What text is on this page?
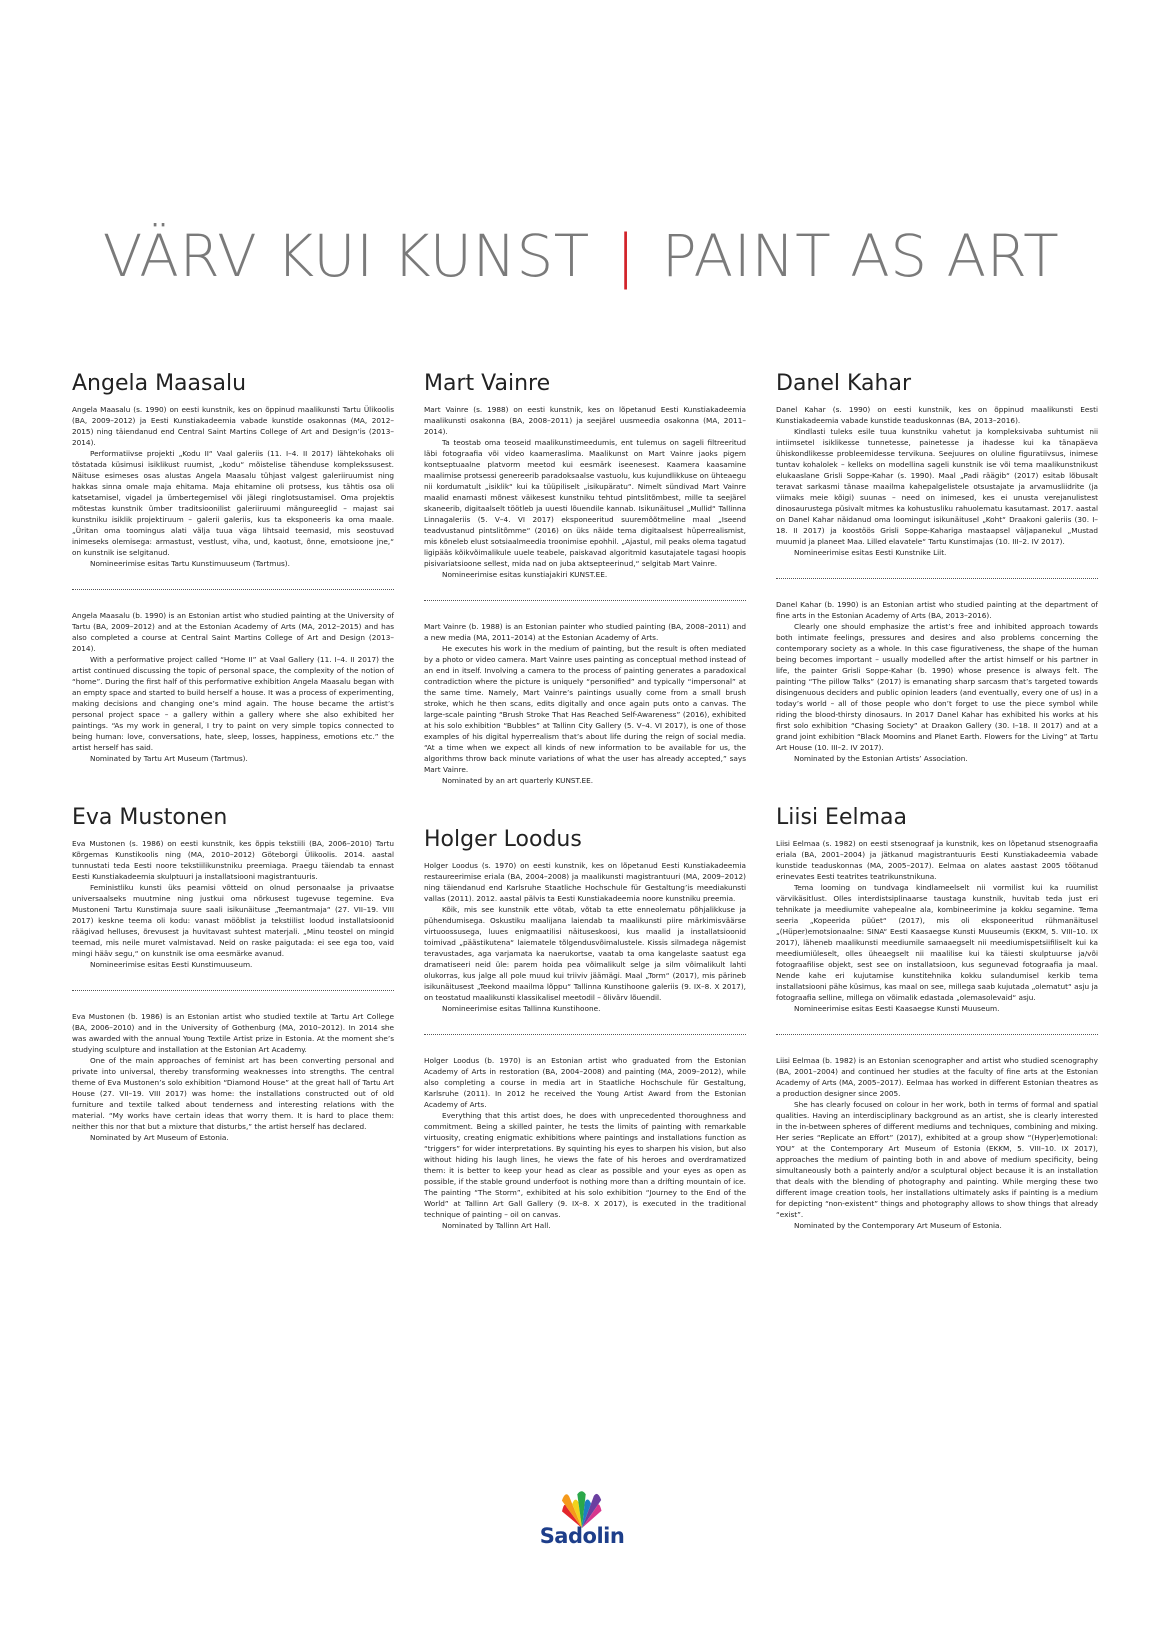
VÄRV KUI KUNST | PAINT AS ART
Angela Maasalu

Angela Maasalu (s. 1990) on eesti kunstnik, kes on õppinud maalikunsti Tartu Ülikoolis (BA, 2009–2012) ja Eesti Kunstiakadeemia vabade kunstide osakonnas (MA, 2012–2015) ning täiendanud end Central Saint Martins College of Art and Design’is (2013–2014).

Performatiivse projekti „Kodu II“ Vaal galeriis (11. I–4. II 2017) lähtekohaks oli tõstatada küsimusi isiklikust ruumist, „kodu“ mõistelise tähenduse komplekssusest. Näituse esimeses osas alustas Angela Maasalu tühjast valgest galeriiruumist ning hakkas sinna omale maja ehitama. Maja ehitamine oli protsess, kus tähtis osa oli katsetamisel, vigadel ja ümbertegemisel või jälegi ringlotsustamisel. Oma projektis mõtestas kunstnik ümber traditsioonilist galeriiruumi mängureeglid – majast sai kunstniku isiklik projektiruum – galerii galeriis, kus ta eksponeeris ka oma maale. „Üritan oma toomingus alati välja tuua väga lihtsaid teemasid, mis seostuvad inimeseks olemisega: armastust, vestlust, viha, und, kaotust, õnne, emotsioone jne,“ on kunstnik ise selgitanud.

Nomineerimise esitas Tartu Kunstimuuseum (Tartmus).

Angela Maasalu (b. 1990) is an Estonian artist who studied painting at the University of Tartu (BA, 2009–2012) and at the Estonian Academy of Arts (MA, 2012–2015) and has also completed a course at Central Saint Martins College of Art and Design (2013–2014).

With a performative project called “Home II” at Vaal Gallery (11. I–4. II 2017) the artist continued discussing the topic of personal space, the complexity of the notion of “home”. During the first half of this performative exhibition Angela Maasalu began with an empty space and started to build herself a house. It was a process of experimenting, making decisions and changing one’s mind again. The house became the artist’s personal project space – a gallery within a gallery where she also exhibited her paintings. “As my work in general, I try to paint on very simple topics connected to being human: love, conversations, hate, sleep, losses, happiness, emotions etc.” the artist herself has said.

Nominated by Tartu Art Museum (Tartmus).

Eva Mustonen

Eva Mustonen (s. 1986) on eesti kunstnik, kes õppis tekstiili (BA, 2006–2010) Tartu Kõrgemas Kunstikoolis ning (MA, 2010–2012) Göteborgi Ülikoolis. 2014. aastal tunnustati teda Eesti noore tekstiilikunstniku preemiaga. Praegu täiendab ta ennast Eesti Kunstiakadeemia skulptuuri ja installatsiooni magistrantuuris.

Feministliku kunsti üks peamisi võtteid on olnud personaalse ja privaatse universaalseks muutmine ning justkui oma nõrkusest tugevuse tegemine. Eva Mustoneni Tartu Kunstimaja suure saali isikunäituse „Teemantmaja“ (27. VII–19. VIII 2017) keskne teema oli kodu: vanast mööblist ja tekstiilist loodud installatsioonid räägivad helluses, õrevusest ja huvitavast suhtest materjali. „Minu teostel on mingid teemad, mis neile muret valmistavad. Neid on raske paigutada: ei see ega too, vaid mingi hääv segu,“ on kunstnik ise oma eesmärke avanud.

Nomineerimise esitas Eesti Kunstimuuseum.

Eva Mustonen (b. 1986) is an Estonian artist who studied textile at Tartu Art College (BA, 2006–2010) and in the University of Gothenburg (MA, 2010–2012). In 2014 she was awarded with the annual Young Textile Artist prize in Estonia. At the moment she’s studying sculpture and installation at the Estonian Art Academy.

One of the main approaches of feminist art has been converting personal and private into universal, thereby transforming weaknesses into strengths. The central theme of Eva Mustonen’s solo exhibition “Diamond House” at the great hall of Tartu Art House (27. VII–19. VIII 2017) was home: the installations constructed out of old furniture and textile talked about tenderness and interesting relations with the material. “My works have certain ideas that worry them. It is hard to place them: neither this nor that but a mixture that disturbs,” the artist herself has declared.

Nominated by Art Museum of Estonia.

Mart Vainre

Mart Vainre (s. 1988) on eesti kunstnik, kes on lõpetanud Eesti Kunstiakadeemia maalikunsti osakonna (BA, 2008–2011) ja seejärel uusmeedia osakonna (MA, 2011–2014).

Ta teostab oma teoseid maalikunstimeedumis, ent tulemus on sageli filtreeritud läbi fotograafia või video kaameraslima. Maalikunst on Mart Vainre jaoks pigem kontseptuaalne platvorm meetod kui eesmärk iseenesest. Kaamera kaasamine maalimise protsessi genereerib paradoksaalse vastuolu, kus kujundlikkuse on ühteaegu nii kordumatult „isiklik“ kui ka tüüpiliselt „isikupäratu“. Nimelt sündivad Mart Vainre maalid enamasti mõnest väikesest kunstniku tehtud pintslitõmbest, mille ta seejärel skaneerib, digitaalselt töötleb ja uuesti lõuendile kannab. Isikunäitusel „Mullid“ Tallinna Linnagaleriis (5. V–4. VI 2017) eksponeeritud suuremõõtmeline maal „Iseend teadvustanud pintslitõmme“ (2016) on üks näide tema digitaalsest hüperrealismist, mis kõneleb elust sotsiaalmeedia troonimise epohhil. „Ajastul, mil peaks olema tagatud ligipääs kõikvõimalikule uuele teabele, paiskavad algoritmid kasutajatele tagasi hoopis pisivariatsioone sellest, mida nad on juba aktsepteerinud,“ selgitab Mart Vainre.

Nomineerimise esitas kunstiajakiri KUNST.EE.

Mart Vainre (b. 1988) is an Estonian painter who studied painting (BA, 2008–2011) and a new media (MA, 2011–2014) at the Estonian Academy of Arts.

He executes his work in the medium of painting, but the result is often mediated by a photo or video camera. Mart Vainre uses painting as conceptual method instead of an end in itself. Involving a camera to the process of painting generates a paradoxical contradiction where the picture is uniquely “personified” and typically “impersonal” at the same time. Namely, Mart Vainre’s paintings usually come from a small brush stroke, which he then scans, edits digitally and once again puts onto a canvas. The large-scale painting “Brush Stroke That Has Reached Self-Awareness” (2016), exhibited at his solo exhibition “Bubbles” at Tallinn City Gallery (5. V–4. VI 2017), is one of those examples of his digital hyperrealism that’s about life during the reign of social media. “At a time when we expect all kinds of new information to be available for us, the algorithms throw back minute variations of what the user has already accepted,” says Mart Vainre.

Nominated by an art quarterly KUNST.EE.

Holger Loodus

Holger Loodus (s. 1970) on eesti kunstnik, kes on lõpetanud Eesti Kunstiakadeemia restaureerimise eriala (BA, 2004–2008) ja maalikunsti magistrantuuri (MA, 2009–2012) ning täiendanud end Karlsruhe Staatliche Hochschule für Gestaltung’is meediakunsti vallas (2011). 2012. aastal pälvis ta Eesti Kunstiakadeemia noore kunstniku preemia.

Kõik, mis see kunstnik ette võtab, võtab ta ette enneolematu põhjalikkuse ja pühendumisega. Oskustiku maalijana laiendab ta maalikunsti piire märkimisväärse virtuoossusega, luues enigmaatilisi näituseskoosi, kus maalid ja installatsioonid toimivad „päästikutena“ laiematele tõlgendusvõimalustele. Kissis silmadega nägemist teravustades, aga varjamata ka naerukortse, vaatab ta oma kangelaste saatust ega dramatiseeri neid üle: parem hoida pea võimalikult selge ja silm võimalikult lahti olukorras, kus jalge all pole muud kui triiviv jäämägi. Maal „Torm“ (2017), mis pärineb isikunäitusest „Teekond maailma lõppu“ Tallinna Kunstihoone galeriis (9. IX–8. X 2017), on teostatud maalikunsti klassikalisel meetodil – õlivärv lõuendil.

Nomineerimise esitas Tallinna Kunstihoone.

Holger Loodus (b. 1970) is an Estonian artist who graduated from the Estonian Academy of Arts in restoration (BA, 2004–2008) and painting (MA, 2009–2012), while also completing a course in media art in Staatliche Hochschule für Gestaltung, Karlsruhe (2011). In 2012 he received the Young Artist Award from the Estonian Academy of Arts.

Everything that this artist does, he does with unprecedented thoroughness and commitment. Being a skilled painter, he tests the limits of painting with remarkable virtuosity, creating enigmatic exhibitions where paintings and installations function as “triggers” for wider interpretations. By squinting his eyes to sharpen his vision, but also without hiding his laugh lines, he views the fate of his heroes and overdramatized them: it is better to keep your head as clear as possible and your eyes as open as possible, if the stable ground underfoot is nothing more than a drifting mountain of ice. The painting “The Storm”, exhibited at his solo exhibition “Journey to the End of the World” at Tallinn Art Gall Gallery (9. IX–8. X 2017), is executed in the traditional technique of painting – oil on canvas.

Nominated by Tallinn Art Hall.

Danel Kahar

Danel Kahar (s. 1990) on eesti kunstnik, kes on õppinud maalikunsti Eesti Kunstiakadeemia vabade kunstide teaduskonnas (BA, 2013–2016).

Kindlasti tuleks esile tuua kunstniku vahetut ja kompleksivaba suhtumist nii intiimsetel isiklikesse tunnetesse, painetesse ja ihadesse kui ka tänapäeva ühiskondlikesse probleemidesse tervikuna. Seejuures on oluline figuratiivsus, inimese tuntav kohalolek – kelleks on modellina sageli kunstnik ise või tema maalikunstnikust elukaaslane Grisli Soppe-Kahar (s. 1990). Maal „Padi räägib“ (2017) esitab lõbusalt teravat sarkasmi tänase maailma kahepalgelistele otsustajate ja arvamusliidrite (ja viimaks meie kõigi) suunas – need on inimesed, kes ei unusta verejanulistest dinosaurustega püsivalt mitmes ka kohustusliku rahuolematu kasutamast. 2017. aastal on Danel Kahar näidanud oma loomingut isikunäitusel „Koht“ Draakoni galeriis (30. I–18. II 2017) ja koostöös Grisli Soppe-Kahariga mastaapsel väljapanekul „Mustad muumid ja planeet Maa. Lilled elavatele“ Tartu Kunstimajas (10. III–2. IV 2017).

Nomineerimise esitas Eesti Kunstnike Liit.

Danel Kahar (b. 1990) is an Estonian artist who studied painting at the department of fine arts in the Estonian Academy of Arts (BA, 2013–2016).

Clearly one should emphasize the artist’s free and inhibited approach towards both intimate feelings, pressures and desires and also problems concerning the contemporary society as a whole. In this case figurativeness, the shape of the human being becomes important – usually modelled after the artist himself or his partner in life, the painter Grisli Soppe-Kahar (b. 1990) whose presence is always felt. The painting “The pillow Talks” (2017) is emanating sharp sarcasm that’s targeted towards disingenuous deciders and public opinion leaders (and eventually, every one of us) in a today’s world – all of those people who don’t forget to use the piece symbol while riding the blood-thirsty dinosaurs. In 2017 Danel Kahar has exhibited his works at his first solo exhibition “Chasing Society” at Draakon Gallery (30. I–18. II 2017) and at a grand joint exhibition “Black Moomins and Planet Earth. Flowers for the Living” at Tartu Art House (10. III–2. IV 2017).

Nominated by the Estonian Artists’ Association.

Liisi Eelmaa

Liisi Eelmaa (s. 1982) on eesti stsenograaf ja kunstnik, kes on lõpetanud stsenograafia eriala (BA, 2001–2004) ja jätkanud magistrantuuris Eesti Kunstiakadeemia vabade kunstide teaduskonnas (MA, 2005–2017). Eelmaa on alates aastast 2005 töötanud erinevates Eesti teatrites teatrikunstnikuna.

Tema looming on tundvaga kindlameelselt nii vormilist kui ka ruumilist värvikäsitlust. Olles interdistsiplinaarse taustaga kunstnik, huvitab teda just eri tehnikate ja meediumite vahepealne ala, kombineerimine ja kokku segamine. Tema seeria „Kopeerida püüet“ (2017), mis oli eksponeeritud rühmanäitusel „(Hüper)emotsionaalne: SINA“ Eesti Kaasaegse Kunsti Muuseumis (EKKM, 5. VIII–10. IX 2017), läheneb maalikunsti meediumile samaaegselt nii meediumispetsiifiliselt kui ka meediumiüleselt, olles üheaegselt nii maalilise kui ka täiesti skulptuurse ja/või fotograafilise objekt, sest see on installatsioon, kus segunevad fotograafia ja maal. Nende kahe eri kujutamise kunstitehnika kokku sulandumisel kerkib tema installatsiooni pähe küsimus, kas maal on see, millega saab kujutada „olematut“ asju ja fotograafia selline, millega on võimalik edastada „olemasolevaid“ asju.

Nomineerimise esitas Eesti Kaasaegse Kunsti Muuseum.

Liisi Eelmaa (b. 1982) is an Estonian scenographer and artist who studied scenography (BA, 2001–2004) and continued her studies at the faculty of fine arts at the Estonian Academy of Arts (MA, 2005–2017). Eelmaa has worked in different Estonian theatres as a production designer since 2005.

She has clearly focused on colour in her work, both in terms of formal and spatial qualities. Having an interdisciplinary background as an artist, she is clearly interested in the in-between spheres of different mediums and techniques, combining and mixing. Her series “Replicate an Effort” (2017), exhibited at a group show “(Hyper)emotional: YOU” at the Contemporary Art Museum of Estonia (EKKM, 5. VIII–10. IX 2017), approaches the medium of painting both in and above of medium specificity, being simultaneously both a painterly and/or a sculptural object because it is an installation that deals with the blending of photography and painting. While merging these two different image creation tools, her installations ultimately asks if painting is a medium for depicting “non-existent” things and photography allows to show things that already “exist”.

Nominated by the Contemporary Art Museum of Estonia.

Sadolin
